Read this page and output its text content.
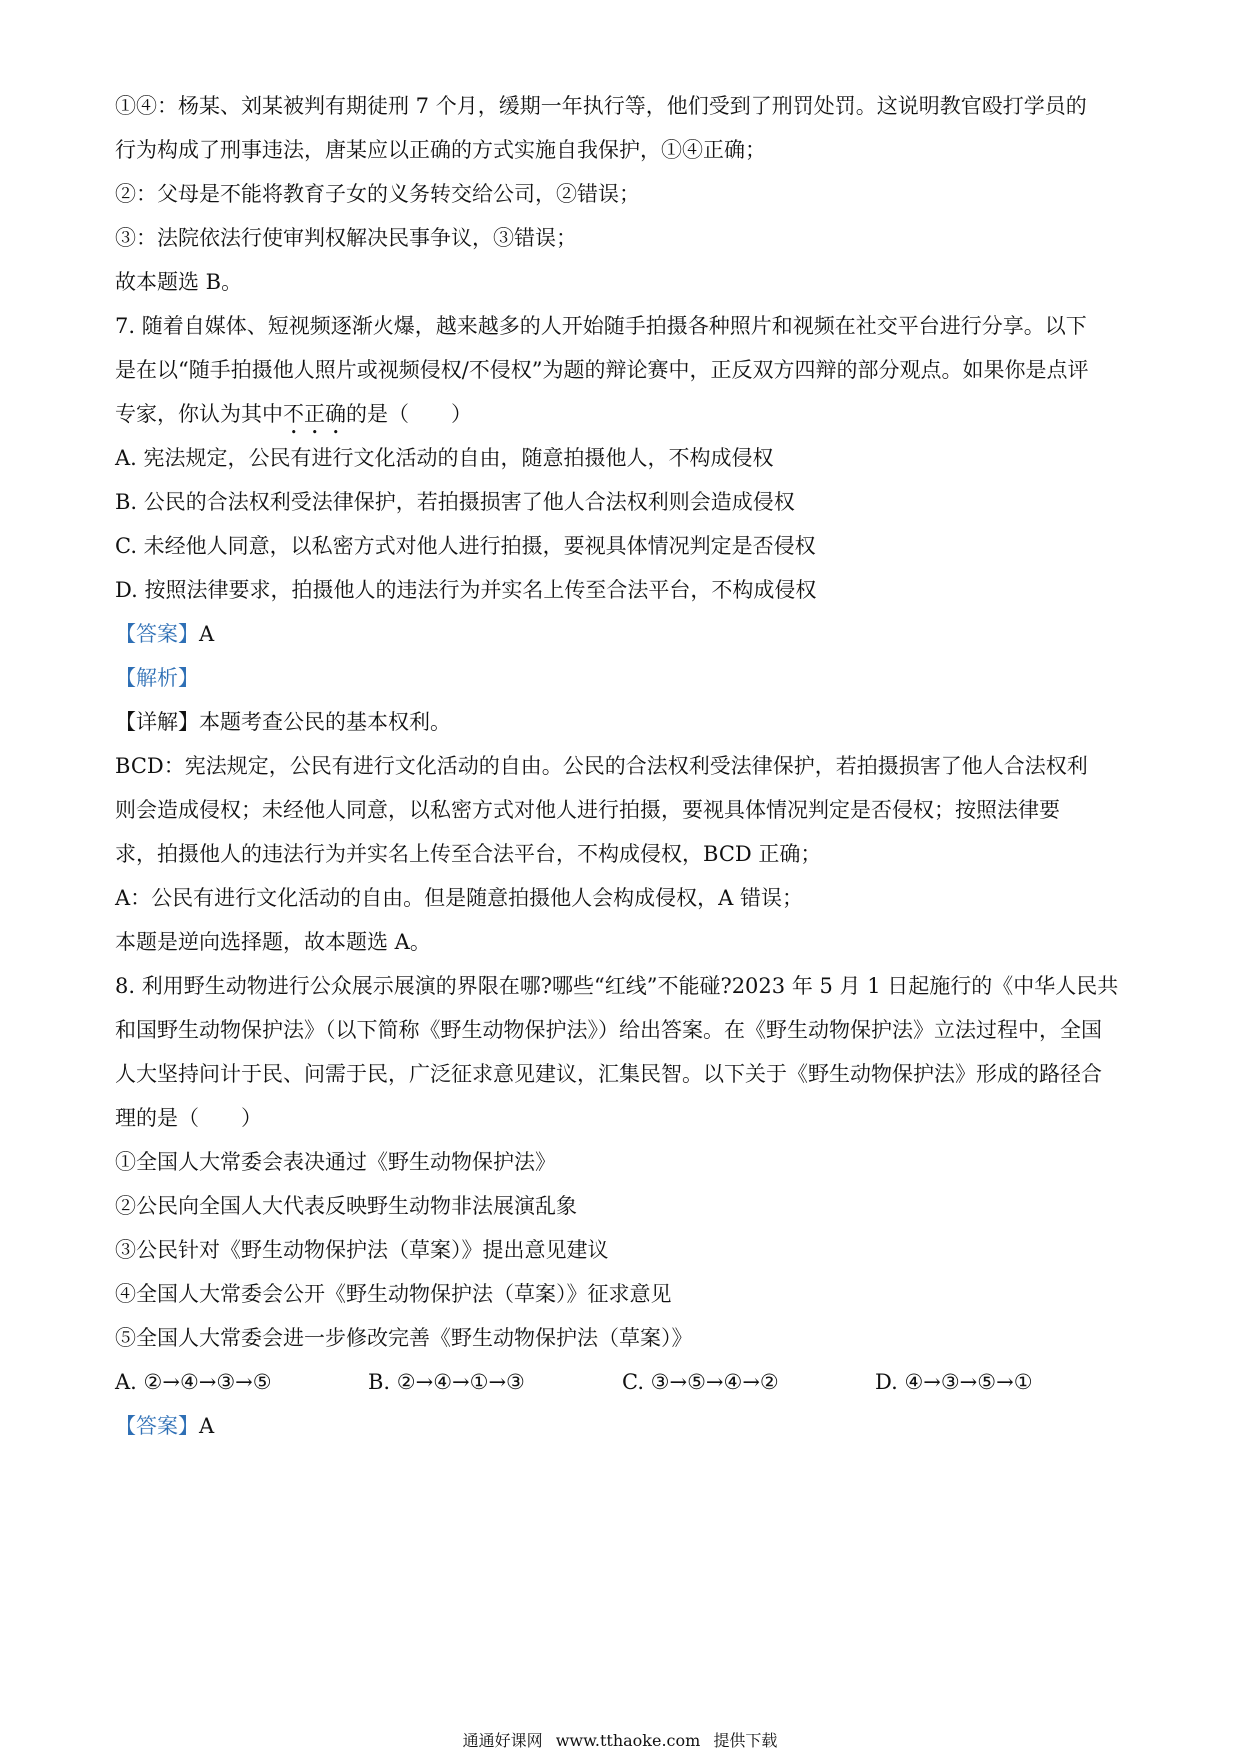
①④：杨某、刘某被判有期徒刑 7 个月，缓期一年执行等，他们受到了刑罚处罚。这说明教官殴打学员的
行为构成了刑事违法，唐某应以正确的方式实施自我保护，①④正确；
②：父母是不能将教育子女的义务转交给公司，②错误；
③：法院依法行使审判权解决民事争议，③错误；
故本题选 B。
7. 随着自媒体、短视频逐渐火爆，越来越多的人开始随手拍摄各种照片和视频在社交平台进行分享。以下
是在以“随手拍摄他人照片或视频侵权/不侵权”为题的辩论赛中，正反双方四辩的部分观点。如果你是点评
专家，你认为其中不正确的是（　　）
A. 宪法规定，公民有进行文化活动的自由，随意拍摄他人，不构成侵权
B. 公民的合法权利受法律保护，若拍摄损害了他人合法权利则会造成侵权
C. 未经他人同意，以私密方式对他人进行拍摄，要视具体情况判定是否侵权
D. 按照法律要求，拍摄他人的违法行为并实名上传至合法平台，不构成侵权
【答案】A
【解析】
【详解】本题考查公民的基本权利。
BCD：宪法规定，公民有进行文化活动的自由。公民的合法权利受法律保护，若拍摄损害了他人合法权利
则会造成侵权；未经他人同意，以私密方式对他人进行拍摄，要视具体情况判定是否侵权；按照法律要
求，拍摄他人的违法行为并实名上传至合法平台，不构成侵权，BCD 正确；
A：公民有进行文化活动的自由。但是随意拍摄他人会构成侵权，A 错误；
本题是逆向选择题，故本题选 A。
8. 利用野生动物进行公众展示展演的界限在哪?哪些“红线”不能碰?2023 年 5 月 1 日起施行的《中华人民共
和国野生动物保护法》（以下简称《野生动物保护法》）给出答案。在《野生动物保护法》立法过程中，全国
人大坚持问计于民、问需于民，广泛征求意见建议，汇集民智。以下关于《野生动物保护法》形成的路径合
理的是（　　）
①全国人大常委会表决通过《野生动物保护法》
②公民向全国人大代表反映野生动物非法展演乱象
③公民针对《野生动物保护法（草案）》提出意见建议
④全国人大常委会公开《野生动物保护法（草案）》征求意见
⑤全国人大常委会进一步修改完善《野生动物保护法（草案）》
A. ②→④→③→⑤	B. ②→④→①→③	C. ③→⑤→④→②	D. ④→③→⑤→①
【答案】A
通通好课网 www.tthaoke.com 提供下载
